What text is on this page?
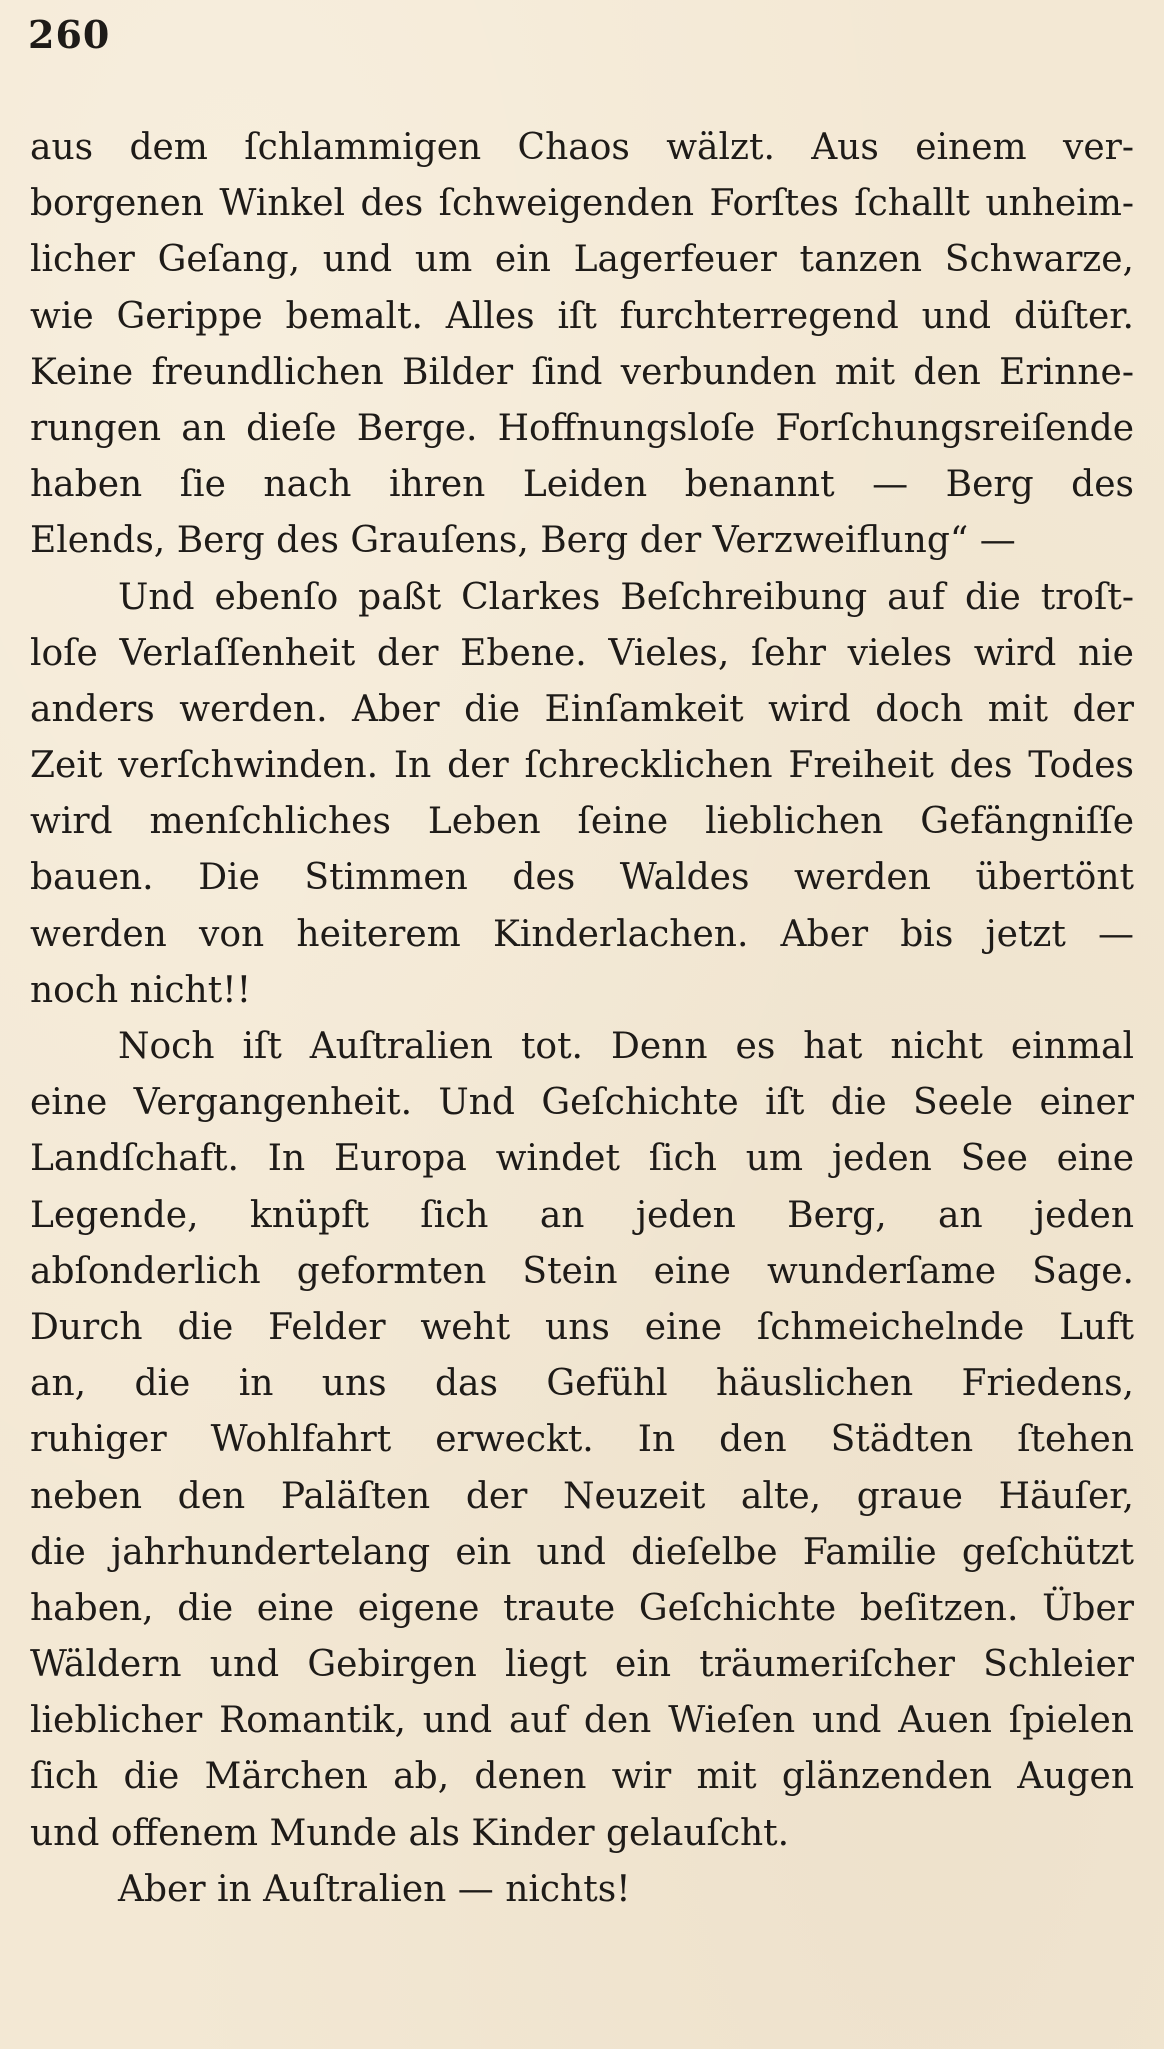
260
aus dem ſchlammigen Chaos wälzt. Aus einem ver-
borgenen Winkel des ſchweigenden Forſtes ſchallt unheim-
licher Geſang, und um ein Lagerfeuer tanzen Schwarze,
wie Gerippe bemalt. Alles iſt furchterregend und düſter.
Keine freundlichen Bilder ſind verbunden mit den Erinne-
rungen an dieſe Berge. Hoffnungsloſe Forſchungsreiſende
haben ſie nach ihren Leiden benannt — Berg des
Elends, Berg des Grauſens, Berg der Verzweiflung“ —
Und ebenſo paßt Clarkes Beſchreibung auf die troſt-
loſe Verlaſſenheit der Ebene. Vieles, ſehr vieles wird nie
anders werden. Aber die Einſamkeit wird doch mit der
Zeit verſchwinden. In der ſchrecklichen Freiheit des Todes
wird menſchliches Leben ſeine lieblichen Gefängniſſe
bauen. Die Stimmen des Waldes werden übertönt
werden von heiterem Kinderlachen. Aber bis jetzt —
noch nicht!!
Noch iſt Auſtralien tot. Denn es hat nicht einmal
eine Vergangenheit. Und Geſchichte iſt die Seele einer
Landſchaft. In Europa windet ſich um jeden See eine
Legende, knüpft ſich an jeden Berg, an jeden
abſonderlich geformten Stein eine wunderſame Sage.
Durch die Felder weht uns eine ſchmeichelnde Luft
an, die in uns das Gefühl häuslichen Friedens,
ruhiger Wohlfahrt erweckt. In den Städten ſtehen
neben den Paläſten der Neuzeit alte, graue Häuſer,
die jahrhundertelang ein und dieſelbe Familie geſchützt
haben, die eine eigene traute Geſchichte beſitzen. Über
Wäldern und Gebirgen liegt ein träumeriſcher Schleier
lieblicher Romantik, und auf den Wieſen und Auen ſpielen
ſich die Märchen ab, denen wir mit glänzenden Augen
und offenem Munde als Kinder gelauſcht.
Aber in Auſtralien — nichts!
